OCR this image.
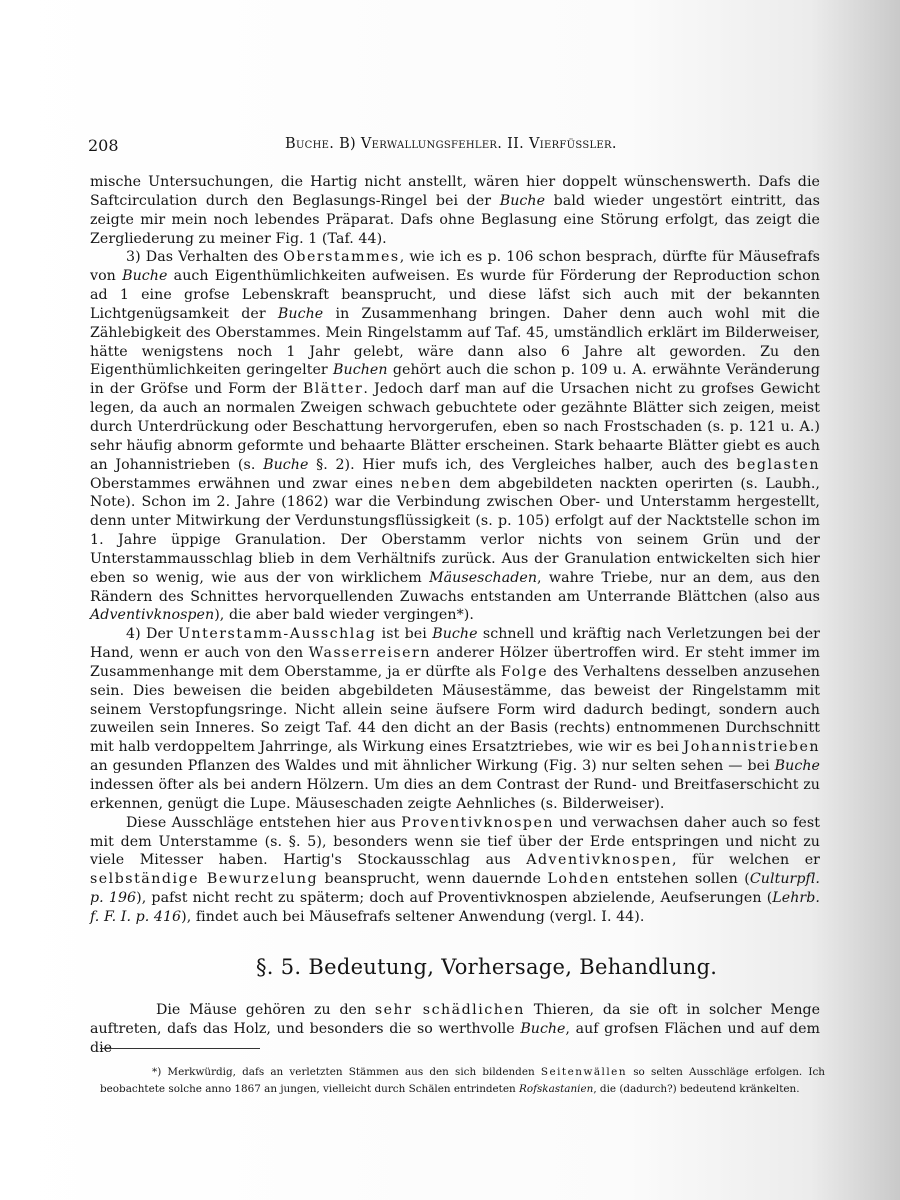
208	Buche. B) Verwallungsfehler. II. Vierfüssler.

mische Untersuchungen, die Hartig nicht anstellt, wären hier doppelt wünschenswerth. Dafs die Saftcirculation durch den Beglasungs-Ringel bei der Buche bald wieder ungestört eintritt, das zeigte mir mein noch lebendes Präparat. Dafs ohne Beglasung eine Störung erfolgt, das zeigt die Zergliederung zu meiner Fig. 1 (Taf. 44).

3) Das Verhalten des Oberstammes, wie ich es p. 106 schon besprach, dürfte für Mäusefrafs von Buche auch Eigenthümlichkeiten aufweisen. Es wurde für Förderung der Reproduction schon ad 1 eine grofse Lebenskraft beansprucht, und diese läfst sich auch mit der bekannten Lichtgenügsamkeit der Buche in Zusammenhang bringen. Daher denn auch wohl mit die Zählebigkeit des Oberstammes. Mein Ringelstamm auf Taf. 45, umständlich erklärt im Bilderweiser, hätte wenigstens noch 1 Jahr gelebt, wäre dann also 6 Jahre alt geworden. Zu den Eigenthümlichkeiten geringelter Buchen gehört auch die schon p. 109 u. A. erwähnte Veränderung in der Gröfse und Form der Blätter. Jedoch darf man auf die Ursachen nicht zu grofses Gewicht legen, da auch an normalen Zweigen schwach gebuchtete oder gezähnte Blätter sich zeigen, meist durch Unterdrückung oder Beschattung hervorgerufen, eben so nach Frostschaden (s. p. 121 u. A.) sehr häufig abnorm geformte und behaarte Blätter erscheinen. Stark behaarte Blätter giebt es auch an Johannistrieben (s. Buche §. 2). Hier mufs ich, des Vergleiches halber, auch des beglasten Oberstammes erwähnen und zwar eines neben dem abgebildeten nackten operirten (s. Laubh., Note). Schon im 2. Jahre (1862) war die Verbindung zwischen Ober- und Unterstamm hergestellt, denn unter Mitwirkung der Verdunstungsflüssigkeit (s. p. 105) erfolgt auf der Nacktstelle schon im 1. Jahre üppige Granulation. Der Oberstamm verlor nichts von seinem Grün und der Unterstammausschlag blieb in dem Verhältnifs zurück. Aus der Granulation entwickelten sich hier eben so wenig, wie aus der von wirklichem Mäuseschaden, wahre Triebe, nur an dem, aus den Rändern des Schnittes hervorquellenden Zuwachs entstanden am Unterrande Blättchen (also aus Adventivknospen), die aber bald wieder vergingen*).

4) Der Unterstamm-Ausschlag ist bei Buche schnell und kräftig nach Verletzungen bei der Hand, wenn er auch von den Wasserreisern anderer Hölzer übertroffen wird. Er steht immer im Zusammenhange mit dem Oberstamme, ja er dürfte als Folge des Verhaltens desselben anzusehen sein. Dies beweisen die beiden abgebildeten Mäusestämme, das beweist der Ringelstamm mit seinem Verstopfungsringe. Nicht allein seine äufsere Form wird dadurch bedingt, sondern auch zuweilen sein Inneres. So zeigt Taf. 44 den dicht an der Basis (rechts) entnommenen Durchschnitt mit halb verdoppeltem Jahrringe, als Wirkung eines Ersatztriebes, wie wir es bei Johannistrieben an gesunden Pflanzen des Waldes und mit ähnlicher Wirkung (Fig. 3) nur selten sehen — bei Buche indessen öfter als bei andern Hölzern. Um dies an dem Contrast der Rund- und Breitfaserschicht zu erkennen, genügt die Lupe. Mäuseschaden zeigte Aehnliches (s. Bilderweiser).

Diese Ausschläge entstehen hier aus Proventivknospen und verwachsen daher auch so fest mit dem Unterstamme (s. §. 5), besonders wenn sie tief über der Erde entspringen und nicht zu viele Mitesser haben. Hartig's Stockausschlag aus Adventivknospen, für welchen er selbständige Bewurzelung beansprucht, wenn dauernde Lohden entstehen sollen (Culturpfl. p. 196), pafst nicht recht zu späterm; doch auf Proventivknospen abzielende, Aeufserungen (Lehrb. f. F. I. p. 416), findet auch bei Mäusefrafs seltener Anwendung (vergl. I. 44).

§. 5. Bedeutung, Vorhersage, Behandlung.

Die Mäuse gehören zu den sehr schädlichen Thieren, da sie oft in solcher Menge auftreten, dafs das Holz, und besonders die so werthvolle Buche, auf grofsen Flächen und auf dem die

*) Merkwürdig, dafs an verletzten Stämmen aus den sich bildenden Seitenwällen so selten Ausschläge erfolgen. Ich beobachtete solche anno 1867 an jungen, vielleicht durch Schälen entrindeten Rofskastanien, die (dadurch?) bedeutend kränkelten.
